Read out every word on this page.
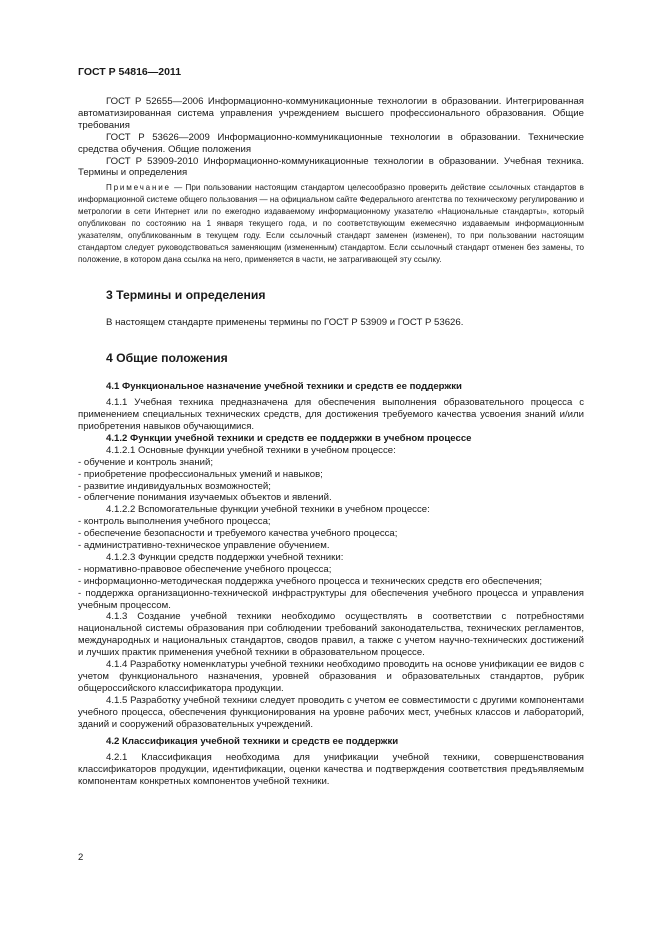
ГОСТ Р 54816—2011

ГОСТ Р 52655—2006 Информационно-коммуникационные технологии в образовании. Интегрированная автоматизированная система управления учреждением высшего профессионального образования. Общие требования

ГОСТ Р 53626—2009 Информационно-коммуникационные технологии в образовании. Технические средства обучения. Общие положения

ГОСТ Р 53909-2010 Информационно-коммуникационные технологии в образовании. Учебная техника. Термины и определения

Примечание — При пользовании настоящим стандартом целесообразно проверить действие ссылочных стандартов в информационной системе общего пользования — на официальном сайте Федерального агентства по техническому регулированию и метрологии в сети Интернет или по ежегодно издаваемому информационному указателю «Национальные стандарты», который опубликован по состоянию на 1 января текущего года, и по соответствующим ежемесячно издаваемым информационным указателям, опубликованным в текущем году. Если ссылочный стандарт заменен (изменен), то при пользовании настоящим стандартом следует руководствоваться заменяющим (измененным) стандартом. Если ссылочный стандарт отменен без замены, то положение, в котором дана ссылка на него, применяется в части, не затрагивающей эту ссылку.

3 Термины и определения

В настоящем стандарте применены термины по ГОСТ Р 53909 и ГОСТ Р 53626.

4 Общие положения
4.1 Функциональное назначение учебной техники и средств ее поддержки

4.1.1 Учебная техника предназначена для обеспечения выполнения образовательного процесса с применением специальных технических средств, для достижения требуемого качества усвоения знаний и/или приобретения навыков обучающимися.

4.1.2 Функции учебной техники и средств ее поддержки в учебном процессе

4.1.2.1 Основные функции учебной техники в учебном процессе:

- обучение и контроль знаний;

- приобретение профессиональных умений и навыков;

- развитие индивидуальных возможностей;

- облегчение понимания изучаемых объектов и явлений.

4.1.2.2 Вспомогательные функции учебной техники в учебном процессе:

- контроль выполнения учебного процесса;

- обеспечение безопасности и требуемого качества учебного процесса;

- административно-техническое управление обучением.

4.1.2.3 Функции средств поддержки учебной техники:

- нормативно-правовое обеспечение учебного процесса;

- информационно-методическая поддержка учебного процесса и технических средств его обеспечения;

- поддержка организационно-технической инфраструктуры для обеспечения учебного процесса и управления учебным процессом.

4.1.3 Создание учебной техники необходимо осуществлять в соответствии с потребностями национальной системы образования при соблюдении требований законодательства, технических регламентов, международных и национальных стандартов, сводов правил, а также с учетом научно-технических достижений и лучших практик применения учебной техники в образовательном процессе.

4.1.4 Разработку номенклатуры учебной техники необходимо проводить на основе унификации ее видов с учетом функционального назначения, уровней образования и образовательных стандартов, рубрик общероссийского классификатора продукции.

4.1.5 Разработку учебной техники следует проводить с учетом ее совместимости с другими компонентами учебного процесса, обеспечения функционирования на уровне рабочих мест, учебных классов и лабораторий, зданий и сооружений образовательных учреждений.

4.2 Классификация учебной техники и средств ее поддержки

4.2.1 Классификация необходима для унификации учебной техники, совершенствования классификаторов продукции, идентификации, оценки качества и подтверждения соответствия предъявляемым компонентам конкретных компонентов учебной техники.

2
